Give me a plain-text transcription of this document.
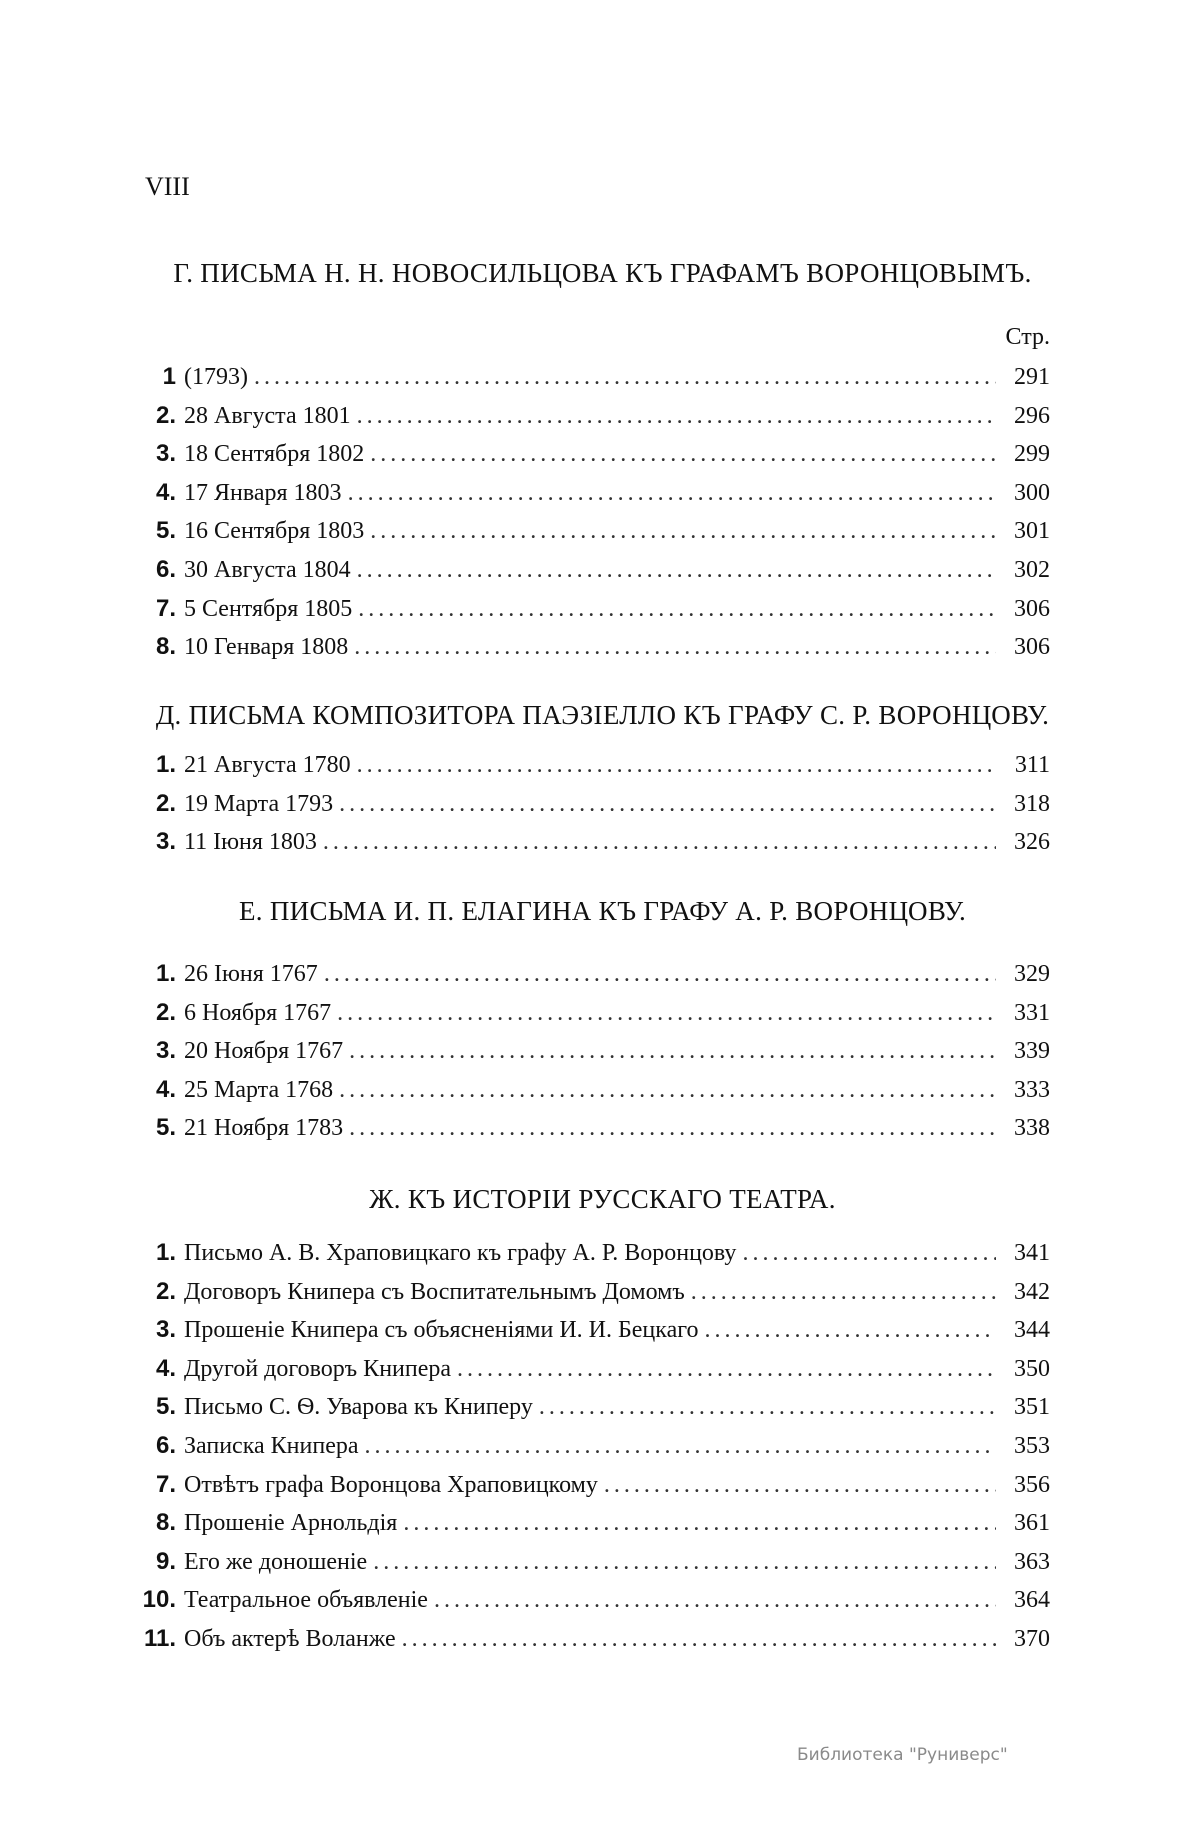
VIII
Г. ПИСЬМА Н. Н. НОВОСИЛЬЦОВА КЪ ГРАФАМЪ ВОРОНЦОВЫМЪ.
Стр.
1 (1793) . . .	291
2. 28 Августа 1801 . . .	296
3. 18 Сентября 1802 . . .	299
4. 17 Января 1803 . . .	300
5. 16 Сентября 1803 . . .	301
6. 30 Августа 1804 . . .	302
7. 5 Сентября 1805 . . .	306
8. 10 Генваря 1808 . . .	306
Д. ПИСЬМА КОМПОЗИТОРА ПАЭЗІЕЛЛО КЪ ГРАФУ С. Р. ВОРОНЦОВУ.
1. 21 Августа 1780 . . .	311
2. 19 Марта 1793 . . .	318
3. 11 Іюня 1803 . . .	326
Е. ПИСЬМА И. П. ЕЛАГИНА КЪ ГРАФУ А. Р. ВОРОНЦОВУ.
1. 26 Іюня 1767 . . .	329
2. 6 Ноября 1767 . . .	331
3. 20 Ноября 1767 . . .	339
4. 25 Марта 1768 . . .	333
5. 21 Ноября 1783 . . .	338
Ж. КЪ ИСТОРІИ РУССКАГО ТЕАТРА.
1. Письмо А. В. Храповицкаго къ графу А. Р. Воронцову . . .	341
2. Договоръ Книпера съ Воспитательнымъ Домомъ . . .	342
3. Прошеніе Книпера съ объясненіями И. И. Бецкаго . . .	344
4. Другой договоръ Книпера . . .	350
5. Письмо С. Ѳ. Уварова къ Книперу . . .	351
6. Записка Книпера . . .	353
7. Отвѣтъ графа Воронцова Храповицкому . . .	356
8. Прошеніе Арнольдія . . .	361
9. Его же доношеніе . . .	363
10. Театральное объявленіе . . .	364
11. Объ актерѣ Воланже . . .	370
Библиотека "Руниверс"
